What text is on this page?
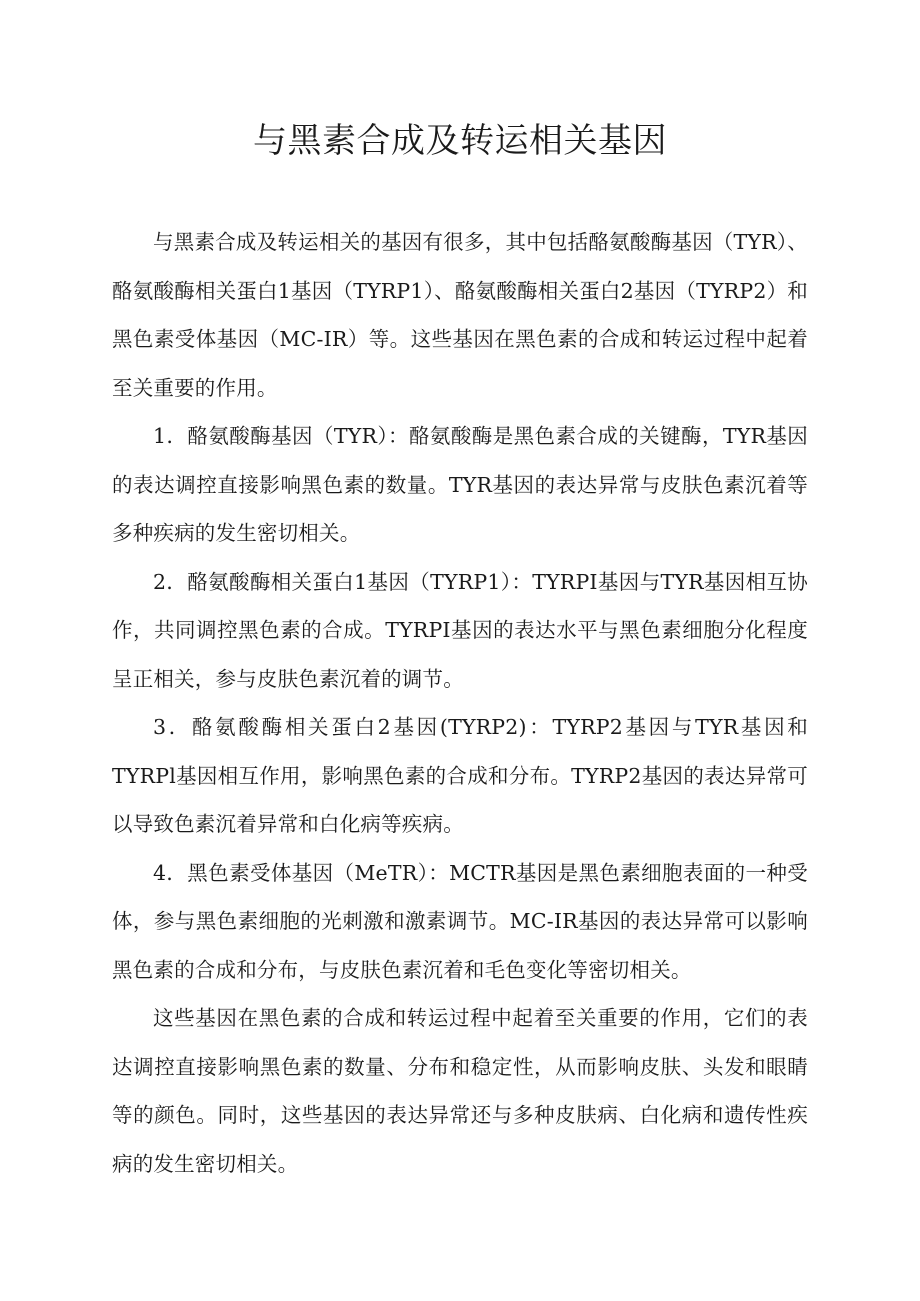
与黑素合成及转运相关基因

与黑素合成及转运相关的基因有很多，其中包括酪氨酸酶基因（TYR）、酪氨酸酶相关蛋白1基因（TYRP1）、酪氨酸酶相关蛋白2基因（TYRP2）和黑色素受体基因（MC-IR）等。这些基因在黑色素的合成和转运过程中起着至关重要的作用。

1．酪氨酸酶基因（TYR）：酪氨酸酶是黑色素合成的关键酶，TYR基因的表达调控直接影响黑色素的数量。TYR基因的表达异常与皮肤色素沉着等多种疾病的发生密切相关。

2．酪氨酸酶相关蛋白1基因（TYRP1）：TYRPI基因与TYR基因相互协作，共同调控黑色素的合成。TYRPI基因的表达水平与黑色素细胞分化程度呈正相关，参与皮肤色素沉着的调节。

3．酪氨酸酶相关蛋白2基因(TYRP2)：TYRP2基因与TYR基因和TYRPl基因相互作用，影响黑色素的合成和分布。TYRP2基因的表达异常可以导致色素沉着异常和白化病等疾病。

4．黑色素受体基因（MeTR）：MCTR基因是黑色素细胞表面的一种受体，参与黑色素细胞的光刺激和激素调节。MC-IR基因的表达异常可以影响黑色素的合成和分布，与皮肤色素沉着和毛色变化等密切相关。

这些基因在黑色素的合成和转运过程中起着至关重要的作用，它们的表达调控直接影响黑色素的数量、分布和稳定性，从而影响皮肤、头发和眼睛等的颜色。同时，这些基因的表达异常还与多种皮肤病、白化病和遗传性疾病的发生密切相关。
